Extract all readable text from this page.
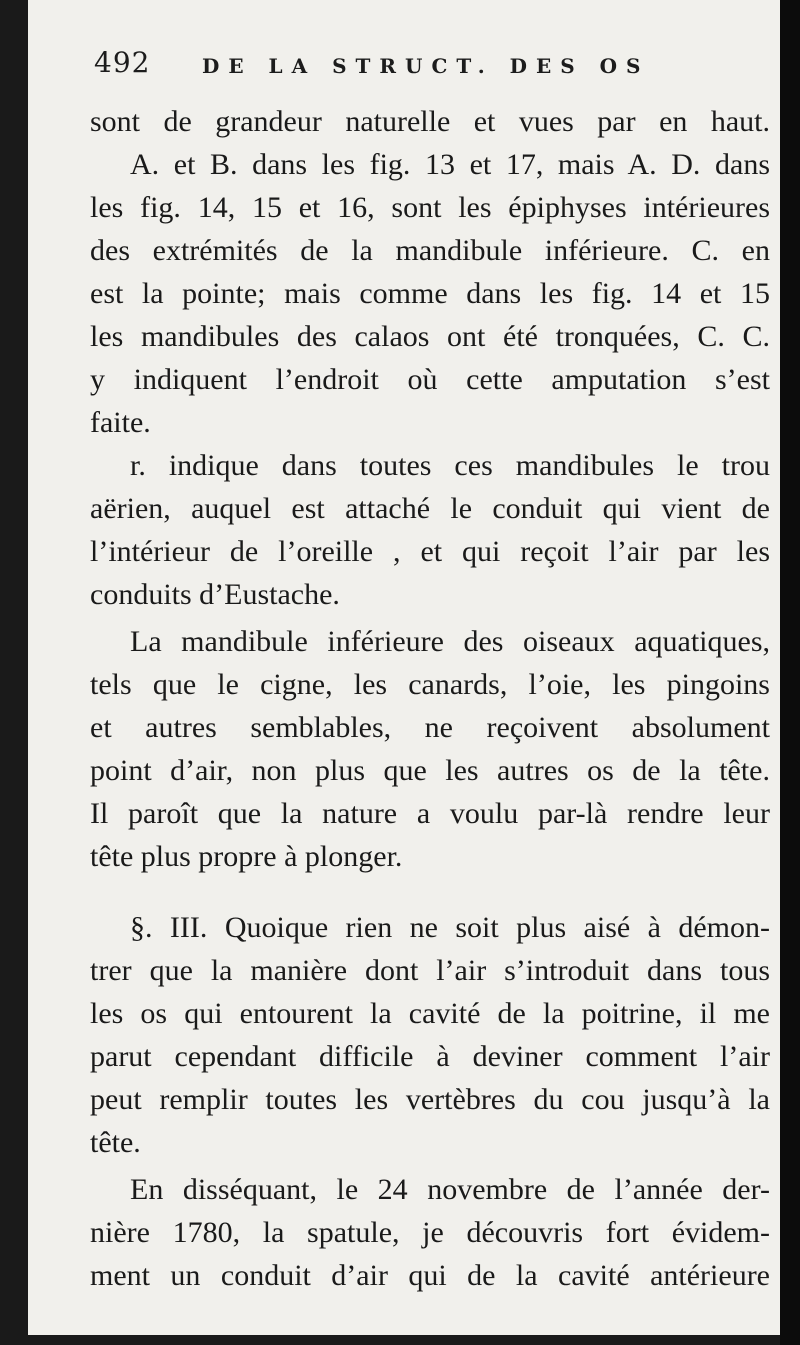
492	DE LA STRUCT. DES OS
sont de grandeur naturelle et vues par en haut.
A. et B. dans les fig. 13 et 17, mais A. D. dans
les fig. 14, 15 et 16, sont les épiphyses intérieures
des extrémités de la mandibule inférieure. C. en
est la pointe; mais comme dans les fig. 14 et 15
les mandibules des calaos ont été tronquées, C. C.
y indiquent l’endroit où cette amputation s’est
faite.
r. indique dans toutes ces mandibules le trou
aërien, auquel est attaché le conduit qui vient de
l’intérieur de l’oreille , et qui reçoit l’air par les
conduits d’Eustache.
La mandibule inférieure des oiseaux aquatiques,
tels que le cigne, les canards, l’oie, les pingoins
et autres semblables, ne reçoivent absolument
point d’air, non plus que les autres os de la tête.
Il paroît que la nature a voulu par-là rendre leur
tête plus propre à plonger.
§. III. Quoique rien ne soit plus aisé à démon-
trer que la manière dont l’air s’introduit dans tous
les os qui entourent la cavité de la poitrine, il me
parut cependant difficile à deviner comment l’air
peut remplir toutes les vertèbres du cou jusqu’à la
tête.
En disséquant, le 24 novembre de l’année der-
nière 1780, la spatule, je découvris fort évidem-
ment un conduit d’air qui de la cavité antérieure
